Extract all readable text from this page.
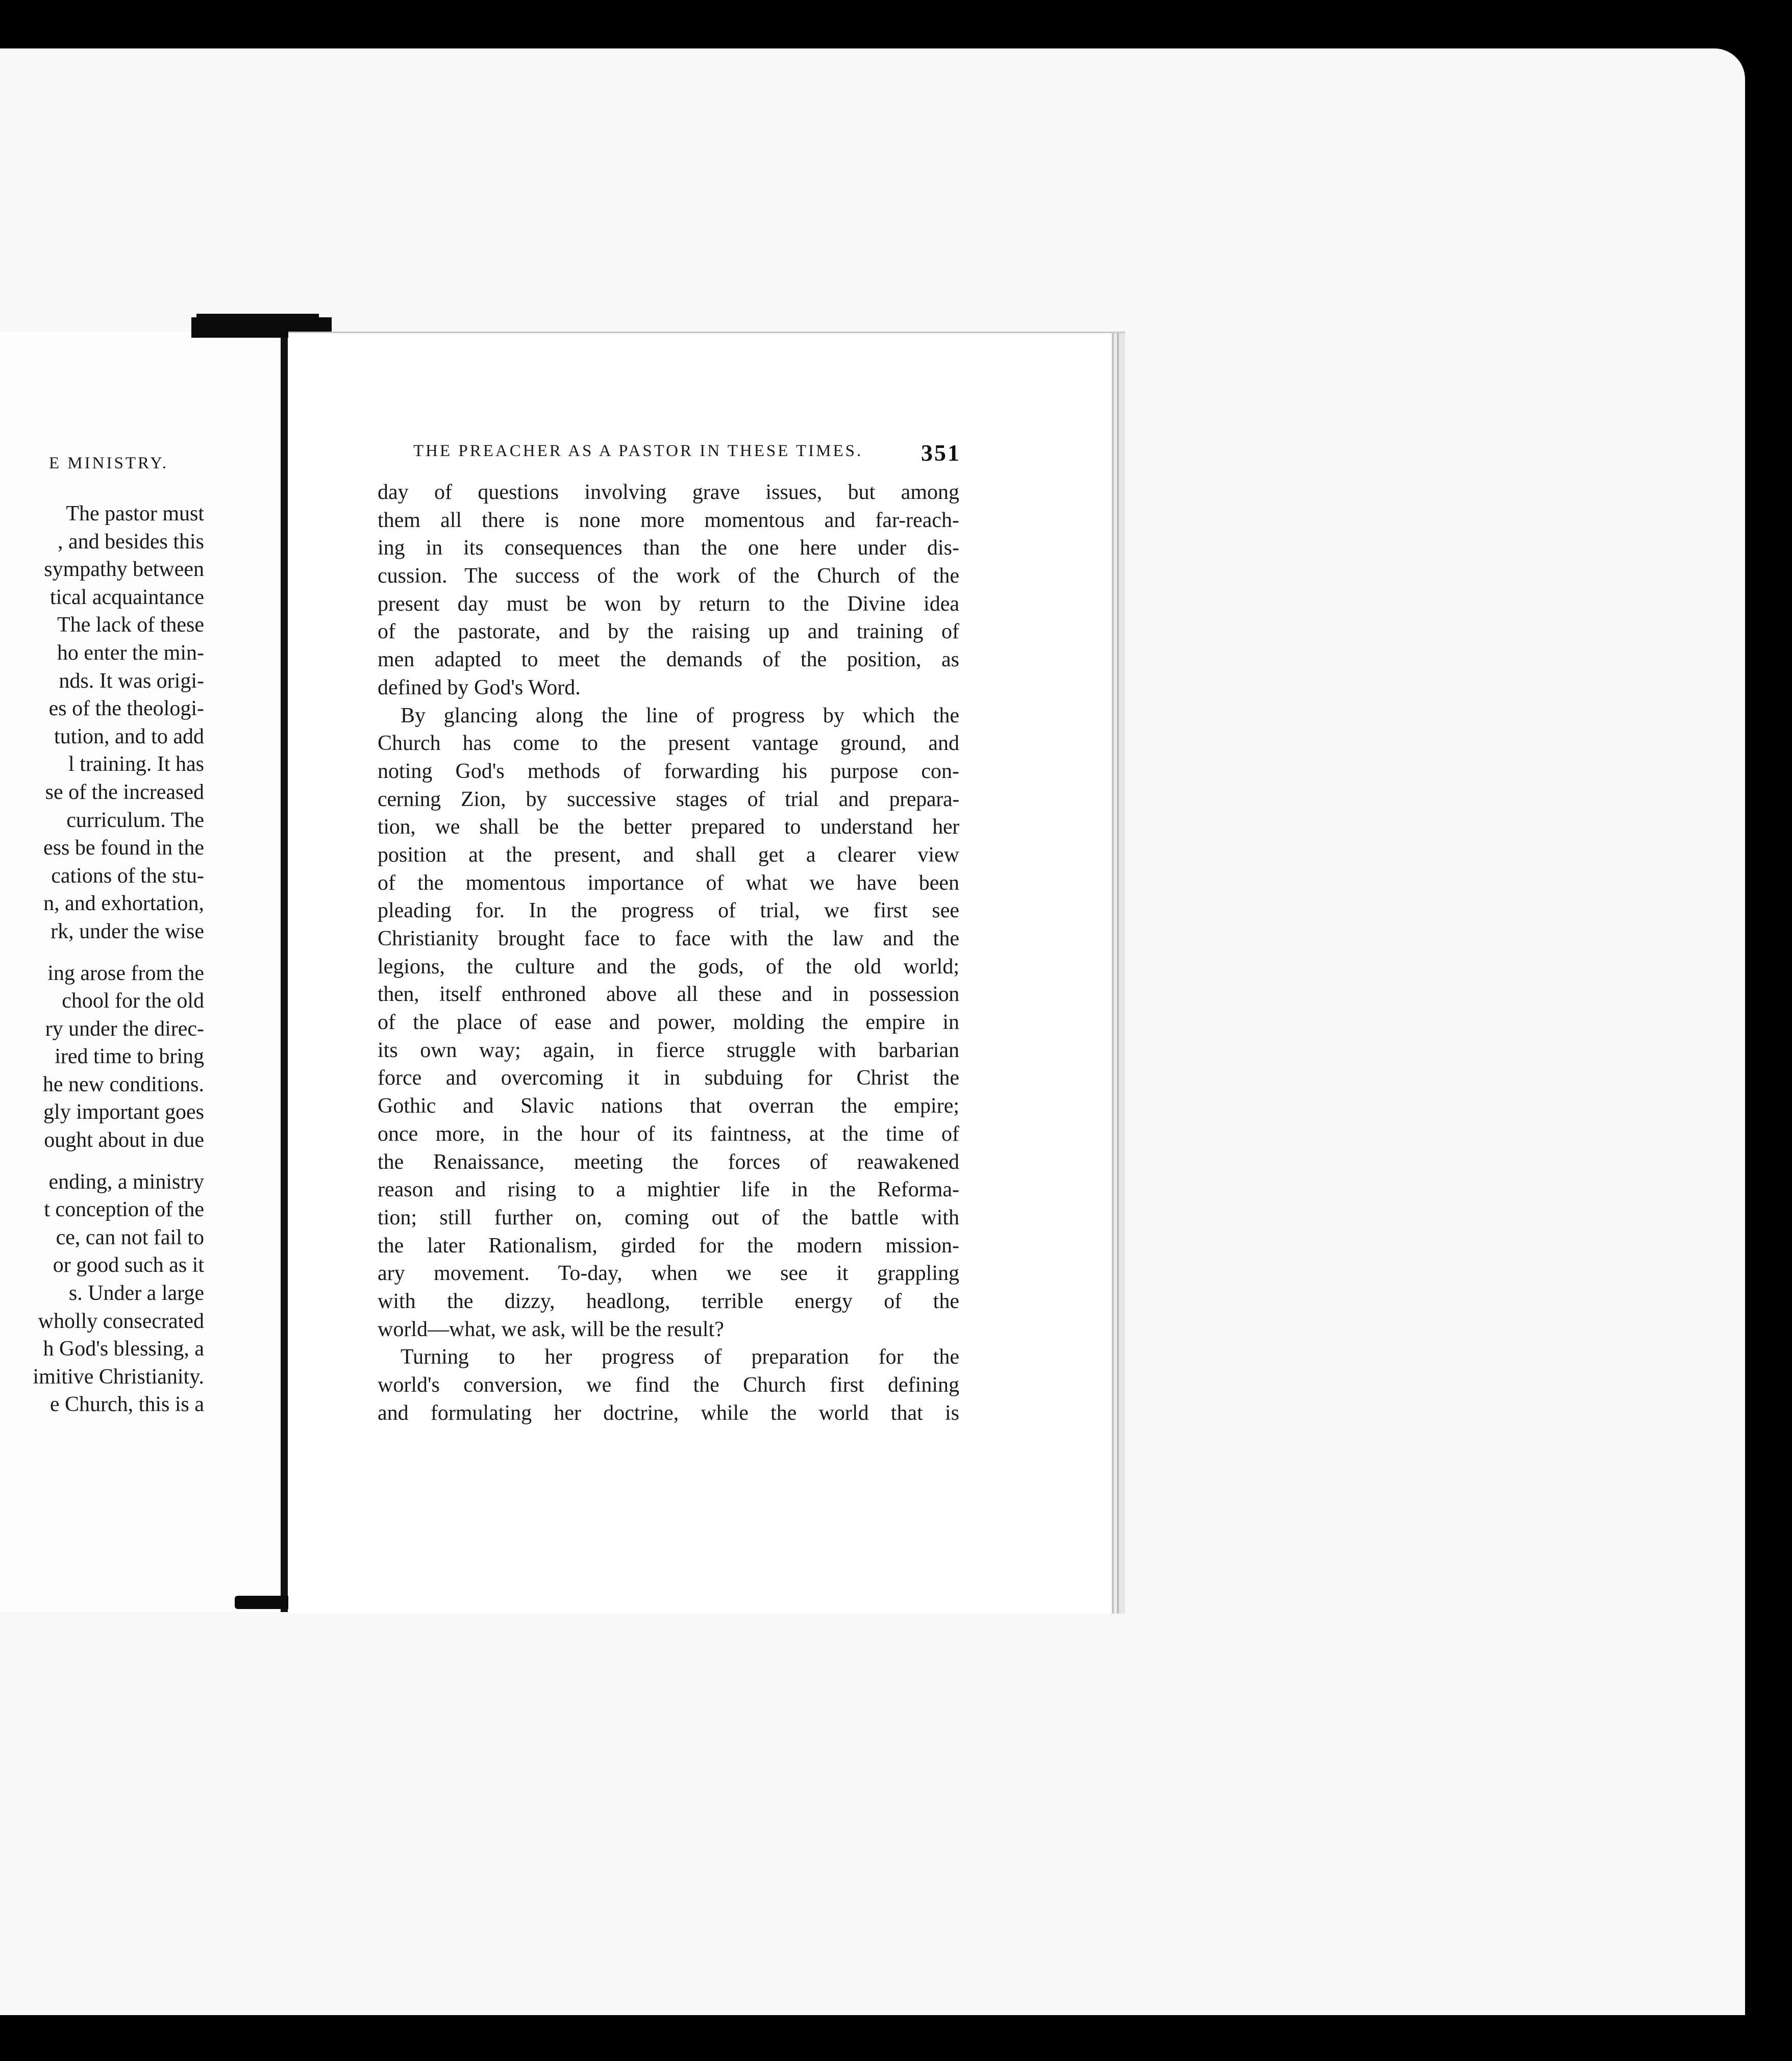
E MINISTRY.
The pastor must
, and besides this
sympathy between
tical acquaintance
The lack of these
ho enter the min-
nds. It was origi-
es of the theologi-
tution, and to add
l training. It has
se of the increased
curriculum. The
ess be found in the
cations of the stu-
n, and exhortation,
rk, under the wise
ing arose from the
chool for the old
ry under the direc-
ired time to bring
he new conditions.
gly important goes
ought about in due
ending, a ministry
t conception of the
ce, can not fail to
or good such as it
s. Under a large
wholly consecrated
h God's blessing, a
imitive Christianity.
e Church, this is a
THE PREACHER AS A PASTOR IN THESE TIMES. 351
day of questions involving grave issues, but among
them all there is none more momentous and far-reach-
ing in its consequences than the one here under dis-
cussion. The success of the work of the Church of the
present day must be won by return to the Divine idea
of the pastorate, and by the raising up and training of
men adapted to meet the demands of the position, as
defined by God's Word.
By glancing along the line of progress by which the
Church has come to the present vantage ground, and
noting God's methods of forwarding his purpose con-
cerning Zion, by successive stages of trial and prepara-
tion, we shall be the better prepared to understand her
position at the present, and shall get a clearer view
of the momentous importance of what we have been
pleading for. In the progress of trial, we first see
Christianity brought face to face with the law and the
legions, the culture and the gods, of the old world;
then, itself enthroned above all these and in possession
of the place of ease and power, molding the empire in
its own way; again, in fierce struggle with barbarian
force and overcoming it in subduing for Christ the
Gothic and Slavic nations that overran the empire;
once more, in the hour of its faintness, at the time of
the Renaissance, meeting the forces of reawakened
reason and rising to a mightier life in the Reforma-
tion; still further on, coming out of the battle with
the later Rationalism, girded for the modern mission-
ary movement. To-day, when we see it grappling
with the dizzy, headlong, terrible energy of the
world—what, we ask, will be the result?
Turning to her progress of preparation for the
world's conversion, we find the Church first defining
and formulating her doctrine, while the world that is
